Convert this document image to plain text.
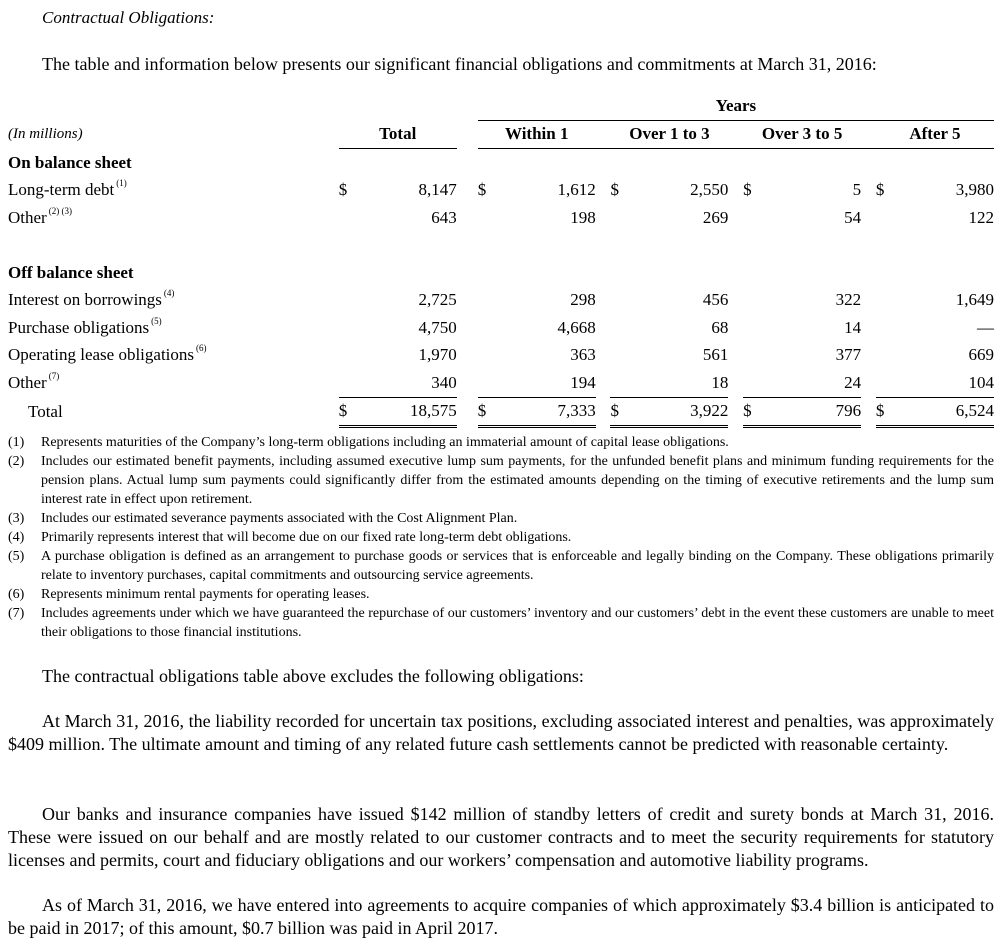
Contractual Obligations:
The table and information below presents our significant financial obligations and commitments at March 31, 2016:
				Years										
(In millions)	Total			Within 1			Over 1 to 3			Over 3 to 5			After 5	
On balance sheet														
Long-term debt $^{(1)}$	$	8,147		$	1,612		$	2,550		$	5		$	3,980
Other $^{(2) (3)}$		643			198			269			54			122

Off balance sheet														
Interest on borrowings $^{(4)}$		2,725			298			456			322			1,649
Purchase obligations $^{(5)}$		4,750			4,668			68			14			—
Operating lease obligations $^{(6)}$		1,970			363			561			377			669
Other $^{(7)}$		340			194			18			24			104
Total	$	18,575		$	7,333		$	3,922		$	796		$	6,524
(1)	Represents maturities of the Company’s long-term obligations including an immaterial amount of capital lease obligations.
(2)	Includes our estimated benefit payments, including assumed executive lump sum payments, for the unfunded benefit plans and minimum funding requirements for the pension plans. Actual lump sum payments could significantly differ from the estimated amounts depending on the timing of executive retirements and the lump sum interest rate in effect upon retirement.
(3)	Includes our estimated severance payments associated with the Cost Alignment Plan.
(4)	Primarily represents interest that will become due on our fixed rate long-term debt obligations.
(5)	A purchase obligation is defined as an arrangement to purchase goods or services that is enforceable and legally binding on the Company. These obligations primarily relate to inventory purchases, capital commitments and outsourcing service agreements.
(6)	Represents minimum rental payments for operating leases.
(7)	Includes agreements under which we have guaranteed the repurchase of our customers’ inventory and our customers’ debt in the event these customers are unable to meet their obligations to those financial institutions.
The contractual obligations table above excludes the following obligations:
At March 31, 2016, the liability recorded for uncertain tax positions, excluding associated interest and penalties, was approximately $409 million. The ultimate amount and timing of any related future cash settlements cannot be predicted with reasonable certainty.
Our banks and insurance companies have issued $142 million of standby letters of credit and surety bonds at March 31, 2016. These were issued on our behalf and are mostly related to our customer contracts and to meet the security requirements for statutory licenses and permits, court and fiduciary obligations and our workers’ compensation and automotive liability programs.
As of March 31, 2016, we have entered into agreements to acquire companies of which approximately $3.4 billion is anticipated to be paid in 2017; of this amount, $0.7 billion was paid in April 2017.
